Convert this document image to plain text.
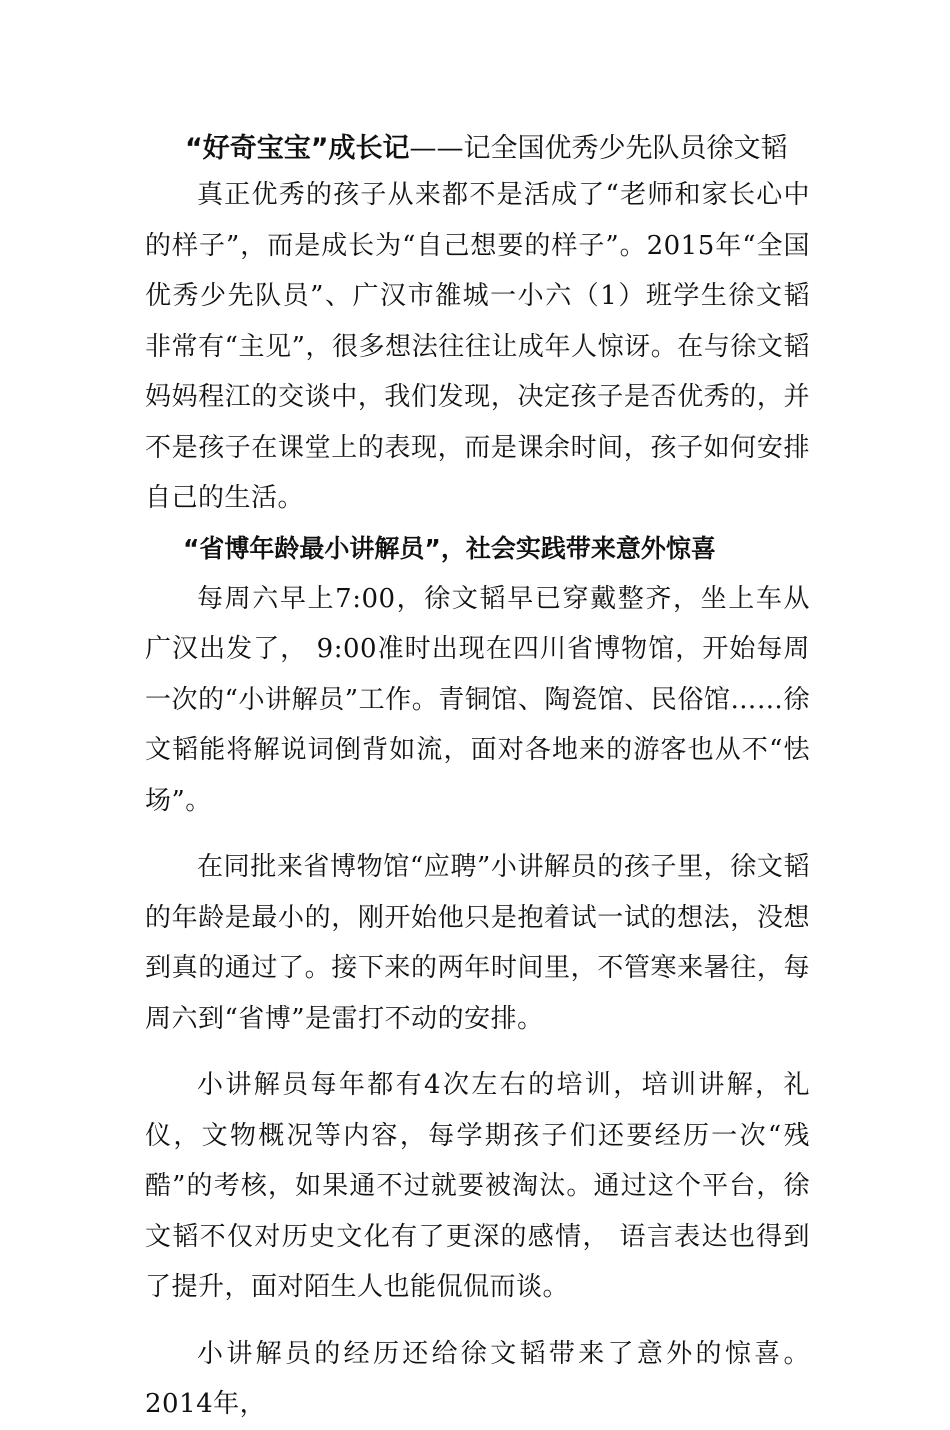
“好奇宝宝”成长记——记全国优秀少先队员徐文韬

真正优秀的孩子从来都不是活成了“老师和家长心中的样子”，而是成长为“自己想要的样子”。2015年“全国优秀少先队员”、广汉市雒城一小六（1）班学生徐文韬非常有“主见”，很多想法往往让成年人惊讶。在与徐文韬妈妈程江的交谈中，我们发现，决定孩子是否优秀的，并不是孩子在课堂上的表现，而是课余时间，孩子如何安排自己的生活。

“省博年龄最小讲解员”，社会实践带来意外惊喜

每周六早上7:00，徐文韬早已穿戴整齐，坐上车从广汉出发了， 9:00准时出现在四川省博物馆，开始每周一次的“小讲解员”工作。青铜馆、陶瓷馆、民俗馆……徐文韬能将解说词倒背如流，面对各地来的游客也从不“怯场”。

在同批来省博物馆“应聘”小讲解员的孩子里，徐文韬的年龄是最小的，刚开始他只是抱着试一试的想法，没想到真的通过了。接下来的两年时间里，不管寒来暑往，每周六到“省博”是雷打不动的安排。

小讲解员每年都有4次左右的培训，培训讲解，礼仪，文物概况等内容，每学期孩子们还要经历一次“残酷”的考核，如果通不过就要被淘汰。通过这个平台，徐文韬不仅对历史文化有了更深的感情， 语言表达也得到了提升，面对陌生人也能侃侃而谈。

小讲解员的经历还给徐文韬带来了意外的惊喜。2014年，
